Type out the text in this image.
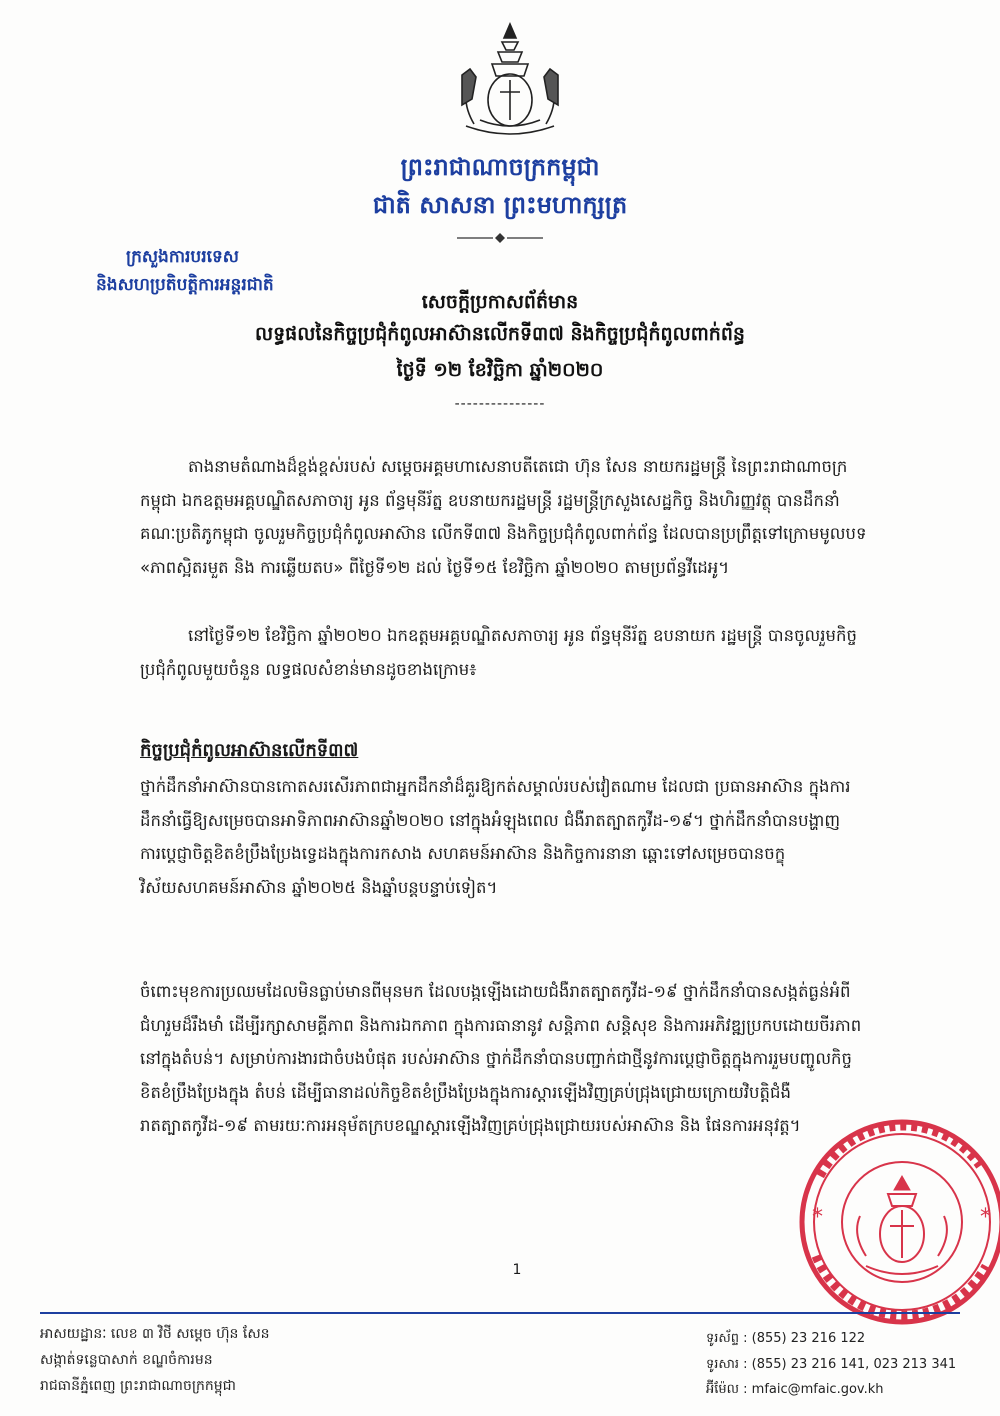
ព្រះរាជាណាចក្រកម្ពុជា
ជាតិ សាសនា ព្រះមហាក្សត្រ
ក្រសួងការបរទេស
និងសហប្រតិបត្តិការអន្តរជាតិ
សេចក្តីប្រកាសព័ត៌មាន
លទ្ធផលនៃកិច្ចប្រជុំកំពូលអាស៊ានលើកទី៣៧ និងកិច្ចប្រជុំកំពូលពាក់ព័ន្ធ
ថ្ងៃទី ១២ ខែវិច្ឆិកា ឆ្នាំ២០២០
---------------
តាងនាមតំណាងដ៏ខ្ពង់ខ្ពស់របស់ សម្តេចអគ្គមហាសេនាបតីតេជោ ហ៊ុន សែន នាយករដ្ឋមន្ត្រី នៃព្រះរាជាណាចក្រកម្ពុជា ឯកឧត្តមអគ្គបណ្ឌិតសភាចារ្យ អូន ព័ន្ធមុនីរ័ត្ន ឧបនាយករដ្ឋមន្ត្រី រដ្ឋមន្ត្រីក្រសួងសេដ្ឋកិច្ច និងហិរញ្ញវត្ថុ បានដឹកនាំគណៈប្រតិភូកម្ពុជា ចូលរួមកិច្ចប្រជុំកំពូលអាស៊ាន លើកទី៣៧ និងកិច្ចប្រជុំកំពូលពាក់ព័ន្ធ ដែលបានប្រព្រឹត្តទៅក្រោមមូលបទ «ភាពស្អិតរមួត និង ការឆ្លើយតប» ពីថ្ងៃទី១២ ដល់ ថ្ងៃទី១៥ ខែវិច្ឆិកា ឆ្នាំ២០២០ តាមប្រព័ន្ធវីដេអូ។
នៅថ្ងៃទី១២ ខែវិច្ឆិកា ឆ្នាំ២០២០ ឯកឧត្តមអគ្គបណ្ឌិតសភាចារ្យ អូន ព័ន្ធមុនីរ័ត្ន ឧបនាយក រដ្ឋមន្ត្រី បានចូលរួមកិច្ចប្រជុំកំពូលមួយចំនួន លទ្ធផលសំខាន់មានដូចខាងក្រោម៖
កិច្ចប្រជុំកំពូលអាស៊ានលើកទី៣៧
ថ្នាក់ដឹកនាំអាស៊ានបានកោតសរសើរភាពជាអ្នកដឹកនាំដ៏គួរឱ្យកត់សម្គាល់របស់វៀតណាម ដែលជា ប្រធានអាស៊ាន ក្នុងការដឹកនាំធ្វើឱ្យសម្រេចបានអាទិភាពអាស៊ានឆ្នាំ២០២០ នៅក្នុងអំឡុងពេល ជំងឺរាតត្បាតកូវីដ-១៩។ ថ្នាក់ដឹកនាំបានបង្ហាញការប្តេជ្ញាចិត្តខិតខំប្រឹងប្រែងទ្វេដងក្នុងការកសាង សហគមន៍អាស៊ាន និងកិច្ចការនានា ឆ្ពោះទៅសម្រេចបានចក្ខុវិស័យសហគមន៍អាស៊ាន ឆ្នាំ២០២៥ និងឆ្នាំបន្តបន្ទាប់ទៀត។
ចំពោះមុខការប្រឈមដែលមិនធ្លាប់មានពីមុនមក ដែលបង្កឡើងដោយជំងឺរាតត្បាតកូវីដ-១៩ ថ្នាក់ដឹកនាំបានសង្កត់ធ្ងន់អំពីជំហរួមដ៏រឹងមាំ ដើម្បីរក្សាសាមគ្គីភាព និងការឯកភាព ក្នុងការធានានូវ សន្តិភាព សន្តិសុខ និងការអភិវឌ្ឍប្រកបដោយចីរភាព នៅក្នុងតំបន់។ សម្រាប់ការងារជាចំបងបំផុត របស់អាស៊ាន ថ្នាក់ដឹកនាំបានបញ្ជាក់ជាថ្មីនូវការប្តេជ្ញាចិត្តក្នុងការរួមបញ្ចូលកិច្ចខិតខំប្រឹងប្រែងក្នុង តំបន់ ដើម្បីធានាដល់កិច្ចខិតខំប្រឹងប្រែងក្នុងការស្តារឡើងវិញគ្រប់ជ្រុងជ្រោយក្រោយវិបត្តិជំងឺ រាតត្បាតកូវីដ-១៩ តាមរយៈការអនុម័តក្របខណ្ឌស្តារឡើងវិញគ្រប់ជ្រុងជ្រោយរបស់អាស៊ាន និង ផែនការអនុវត្ត។
1
*	*
អាសយដ្ឋានៈ លេខ ៣ វិថី សម្តេច ហ៊ុន សែន
សង្កាត់ទន្លេបាសាក់ ខណ្ឌចំការមន
រាជធានីភ្នំពេញ ព្រះរាជាណាចក្រកម្ពុជា
ទូរស័ព្ទ : (855) 23 216 122
ទូរសារ : (855) 23 216 141, 023 213 341
អ៊ីម៉ែល : mfaic@mfaic.gov.kh
